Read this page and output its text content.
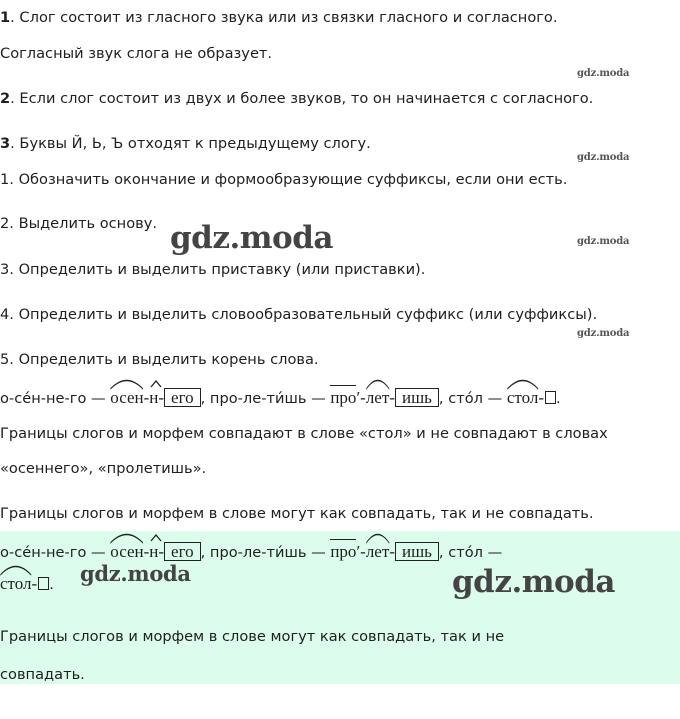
gdz.moda
gdz.moda
gdz.moda
gdz.moda
gdz.moda
1. Слог состоит из гласного звука или из связки гласного и согласного.
Согласный звук слога не образует.
2. Если слог состоит из двух и более звуков, то он начинается с согласного.
3. Буквы Й, Ь, Ъ отходят к предыдущему слогу.
1. Обозначить окончание и формообразующие суффиксы, если они есть.
2. Выделить основу.
3. Определить и выделить приставку (или приставки).
4. Определить и выделить словообразовательный суффикс (или суффиксы).
5. Определить и выделить корень слова.
о-се́н-не-го — осен-
н- его , про-ле-ти́шь — про′-
лет- ишь , сто́л — стол- .
Границы слогов и морфем совпадают в слове «стол» и не совпадают в словах
«осеннего», «пролетишь».
Границы слогов и морфем в слове могут как совпадать, так и не совпадать.
о-се́н-не-го — осен-
н- его , про-ле-ти́шь — про′-
лет- ишь , сто́л —
стол- . gdz.moda	gdz.moda
Границы слогов и морфем в слове могут как совпадать, так и не
совпадать.
